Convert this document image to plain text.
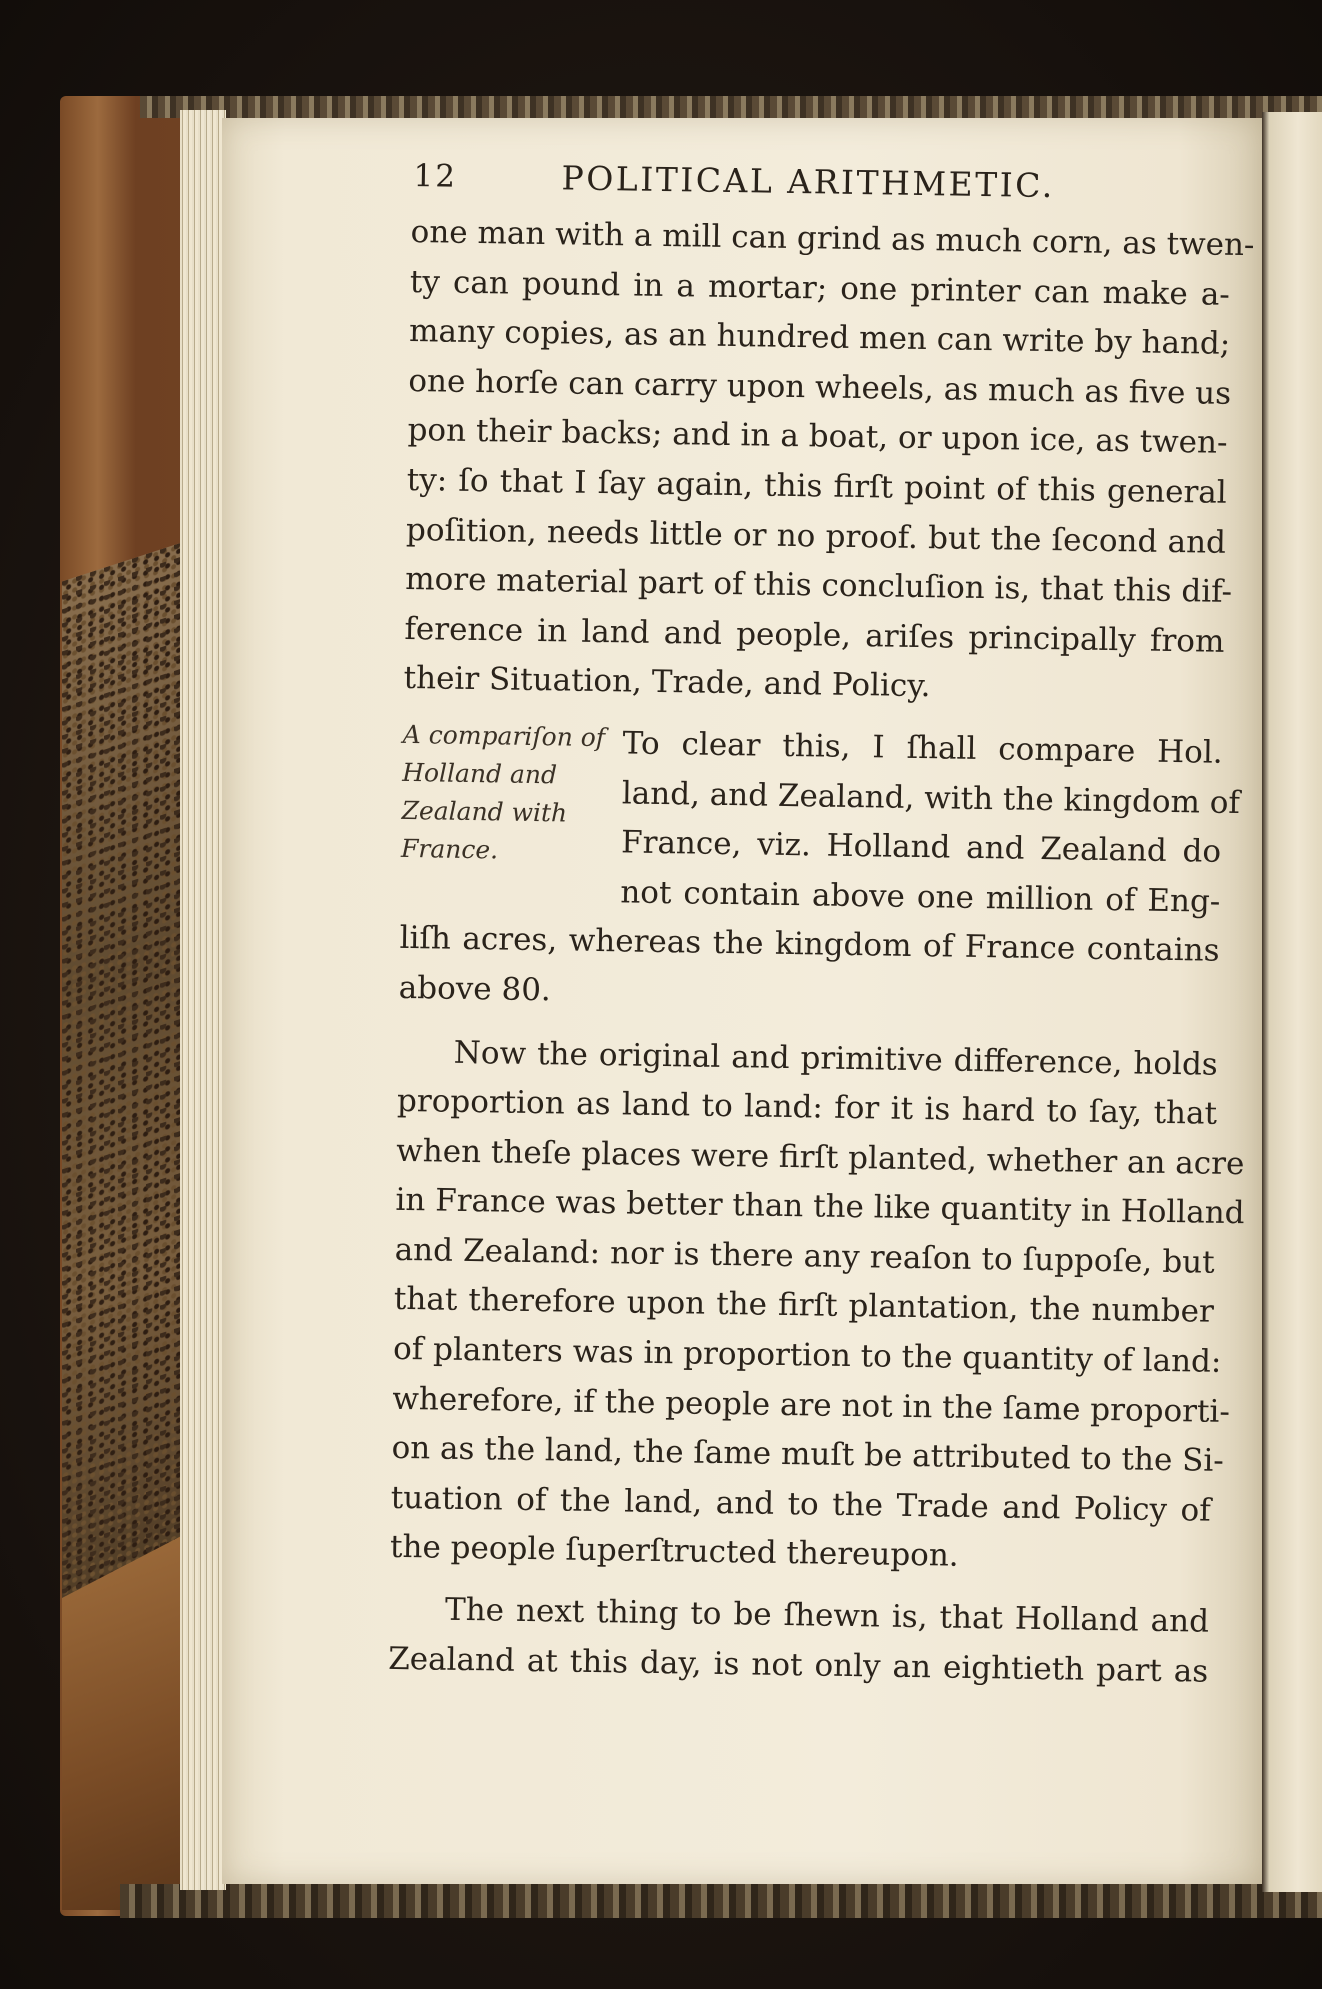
12	POLITICAL ARITHMETIC.
one man with a mill can grind as much corn, as twen-
ty can pound in a mortar; one printer can make a-
many copies, as an hundred men can write by hand;
one horſe can carry upon wheels, as much as five us
pon their backs; and in a boat, or upon ice, as twen-
ty: ſo that I ſay again, this firſt point of this general
poſition, needs little or no proof. but the ſecond and
more material part of this concluſion is, that this dif-
ference in land and people, ariſes principally from
their Situation, Trade, and Policy.
A compariſon of
Holland and
Zealand with
France.
To clear this, I ſhall compare Hol.
land, and Zealand, with the kingdom of
France, viz. Holland and Zealand do
not contain above one million of Eng-
liſh acres, whereas the kingdom of France contains
above 80.
Now the original and primitive difference, holds
proportion as land to land: for it is hard to ſay, that
when theſe places were firſt planted, whether an acre
in France was better than the like quantity in Holland
and Zealand: nor is there any reaſon to ſuppoſe, but
that therefore upon the firſt plantation, the number
of planters was in proportion to the quantity of land:
wherefore, if the people are not in the ſame proporti-
on as the land, the ſame muſt be attributed to the Si-
tuation of the land, and to the Trade and Policy of
the people ſuperſtructed thereupon.
The next thing to be ſhewn is, that Holland and
Zealand at this day, is not only an eightieth part as
